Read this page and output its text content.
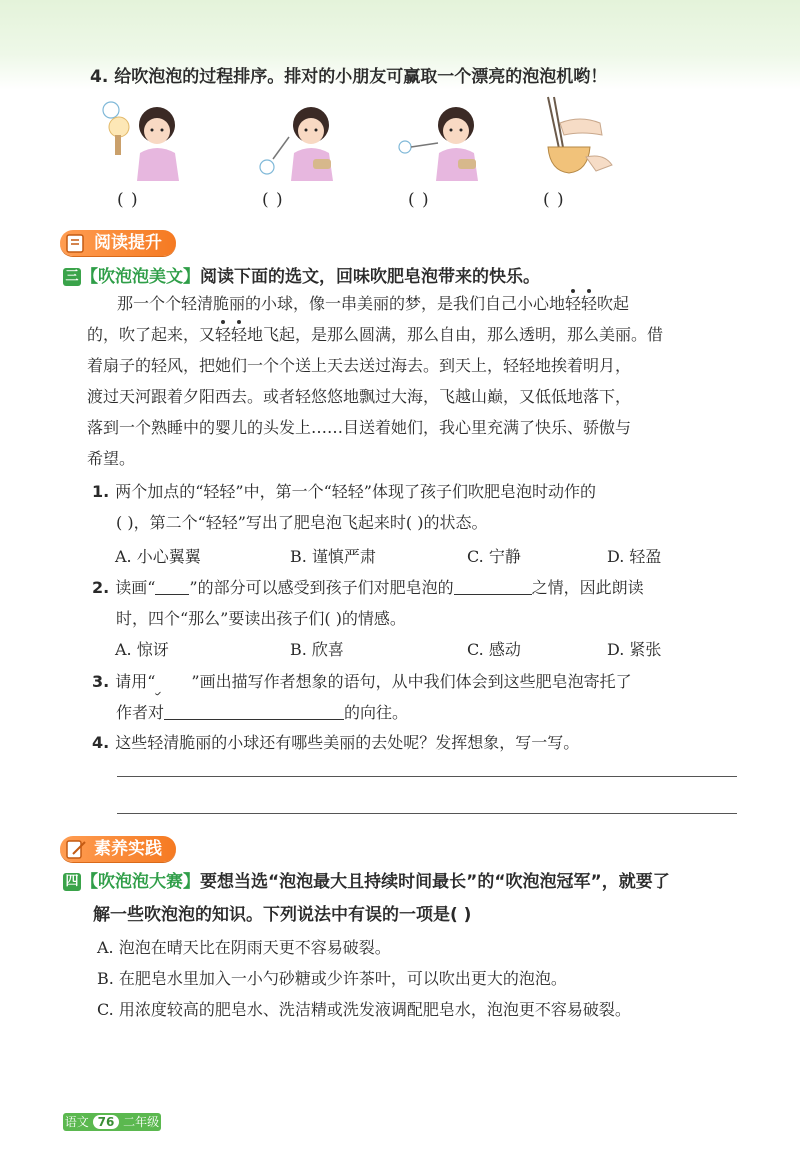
4. 给吹泡泡的过程排序。排对的小朋友可赢取一个漂亮的泡泡机哟！
( )	( )	( )	( )
阅读提升
三 【吹泡泡美文】阅读下面的选文，回味吹肥皂泡带来的快乐。
那一个个轻清脆丽的小球，像一串美丽的梦，是我们自己小心地轻轻吹起
的，吹了起来，又轻轻地飞起，是那么圆满，那么自由，那么透明，那么美丽。借
着扇子的轻风，把她们一个个送上天去送过海去。到天上，轻轻地挨着明月，
渡过天河跟着夕阳西去。或者轻悠悠地飘过大海，飞越山巅，又低低地落下，
落到一个熟睡中的婴儿的头发上……目送着她们，我心里充满了快乐、骄傲与
希望。
1. 两个加点的“轻轻”中，第一个“轻轻”体现了孩子们吹肥皂泡时动作的
( )，第二个“轻轻”写出了肥皂泡飞起来时( )的状态。
A. 小心翼翼	B. 谨慎严肃	C. 宁静	D. 轻盈
2. 读画“ ”的部分可以感受到孩子们对肥皂泡的	之情，因此朗读
时，四个“那么”要读出孩子们( )的情感。
A. 惊讶	B. 欣喜	C. 感动	D. 紧张
3. 请用“ ”画出描写作者想象的语句，从中我们体会到这些肥皂泡寄托了
作者对	的向往。
4. 这些轻清脆丽的小球还有哪些美丽的去处呢？发挥想象，写一写。
素养实践
四 【吹泡泡大赛】要想当选“泡泡最大且持续时间最长”的“吹泡泡冠军”，就要了
解一些吹泡泡的知识。下列说法中有误的一项是( )
A. 泡泡在晴天比在阴雨天更不容易破裂。
B. 在肥皂水里加入一小勺砂糖或少许茶叶，可以吹出更大的泡泡。
C. 用浓度较高的肥皂水、洗洁精或洗发液调配肥皂水，泡泡更不容易破裂。
语文 76 二年级
